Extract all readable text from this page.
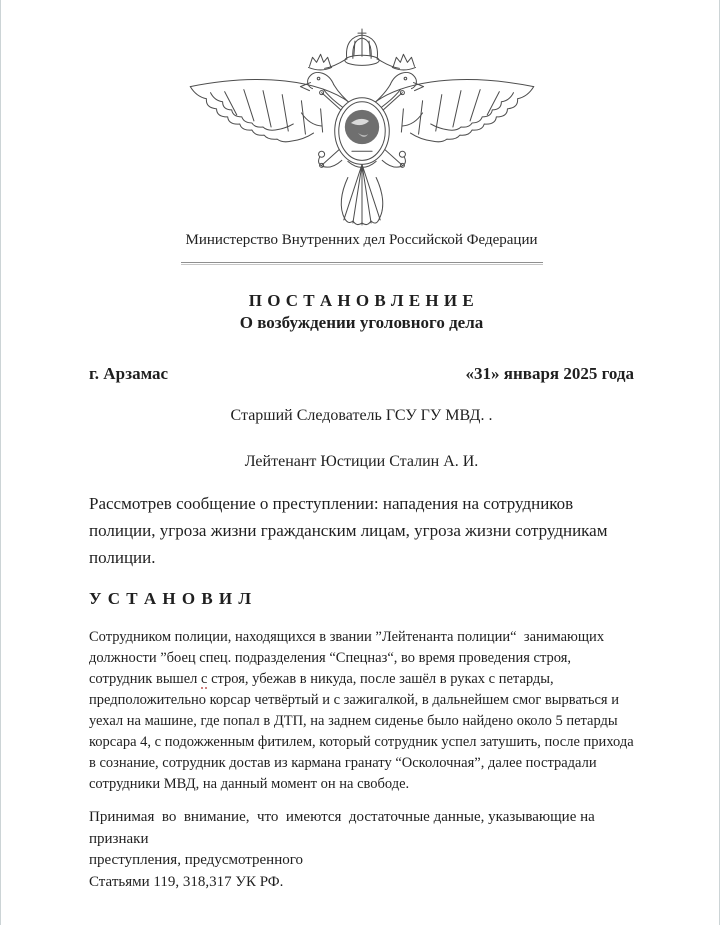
Министерство Внутренних дел Российской Федерации
П О С Т А Н О В Л Е Н И Е
О возбуждении уголовного дела
г. Арзамас	«31» января 2025 года
Старший Следователь ГСУ ГУ МВД. .
Лейтенант Юстиции Сталин А. И.
Рассмотрев сообщение о преступлении: нападения на сотрудников
полиции, угроза жизни гражданским лицам, угроза жизни сотрудникам
полиции.
У С Т А Н О В И Л
Сотрудником полиции, находящихся в звании ”Лейтенанта полиции“  занимающих
должности ”боец спец. подразделения “Спецназ“, во время проведения строя,
сотрудник вышел с строя, убежав в никуда, после зашёл в руках с петарды,
предположительно корсар четвёртый и с зажигалкой, в дальнейшем смог вырваться и
уехал на машине, где попал в ДТП, на заднем сиденье было найдено около 5 петарды
корсара 4, с подожженным фитилем, который сотрудник успел затушить, после прихода
в сознание, сотрудник достав из кармана гранату “Осколочная”, далее пострадали
сотрудники МВД, на данный момент он на свободе.
Принимая  во  внимание,  что  имеются  достаточные данные, указывающие на
признаки
преступления, предусмотренного
Статьями 119, 318,317 УК РФ.
